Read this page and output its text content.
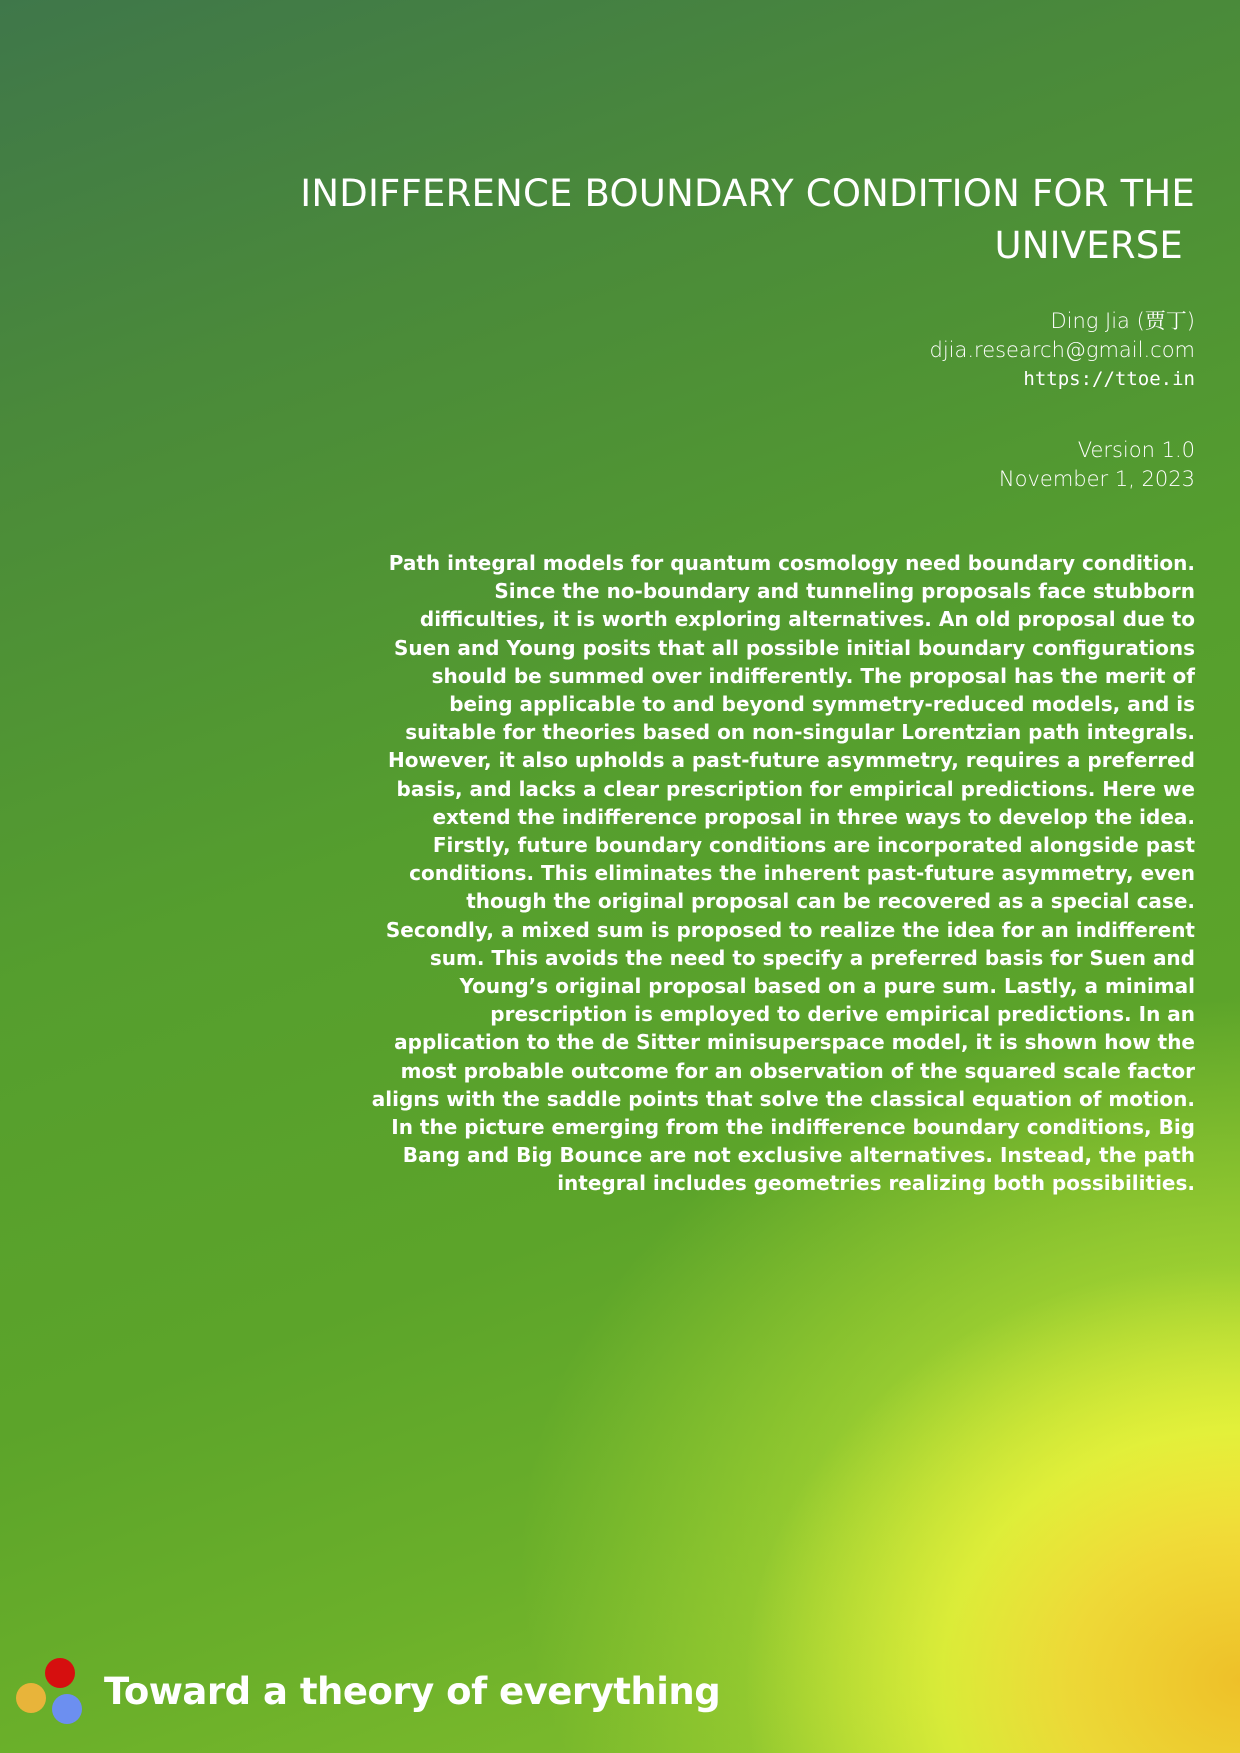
INDIFFERENCE BOUNDARY CONDITION FOR THE
UNIVERSE
Ding Jia (贾丁)
djia.research@gmail.com
https://ttoe.in
Version 1.0
November 1, 2023

Path integral models for quantum cosmology need boundary condition. Since the no-boundary and tunneling proposals face stubborn difficulties, it is worth exploring alternatives. An old proposal due to Suen and Young posits that all possible initial boundary configurations should be summed over indifferently. The proposal has the merit of being applicable to and beyond symmetry-reduced models, and is suitable for theories based on non-singular Lorentzian path integrals. However, it also upholds a past-future asymmetry, requires a preferred basis, and lacks a clear prescription for empirical predictions. Here we extend the indifference proposal in three ways to develop the idea. Firstly, future boundary conditions are incorporated alongside past conditions. This eliminates the inherent past-future asymmetry, even though the original proposal can be recovered as a special case. Secondly, a mixed sum is proposed to realize the idea for an indifferent sum. This avoids the need to specify a preferred basis for Suen and Young’s original proposal based on a pure sum. Lastly, a minimal prescription is employed to derive empirical predictions. In an application to the de Sitter minisuperspace model, it is shown how the most probable outcome for an observation of the squared scale factor aligns with the saddle points that solve the classical equation of motion. In the picture emerging from the indifference boundary conditions, Big Bang and Big Bounce are not exclusive alternatives. Instead, the path integral includes geometries realizing both possibilities.

Toward a theory of everything
